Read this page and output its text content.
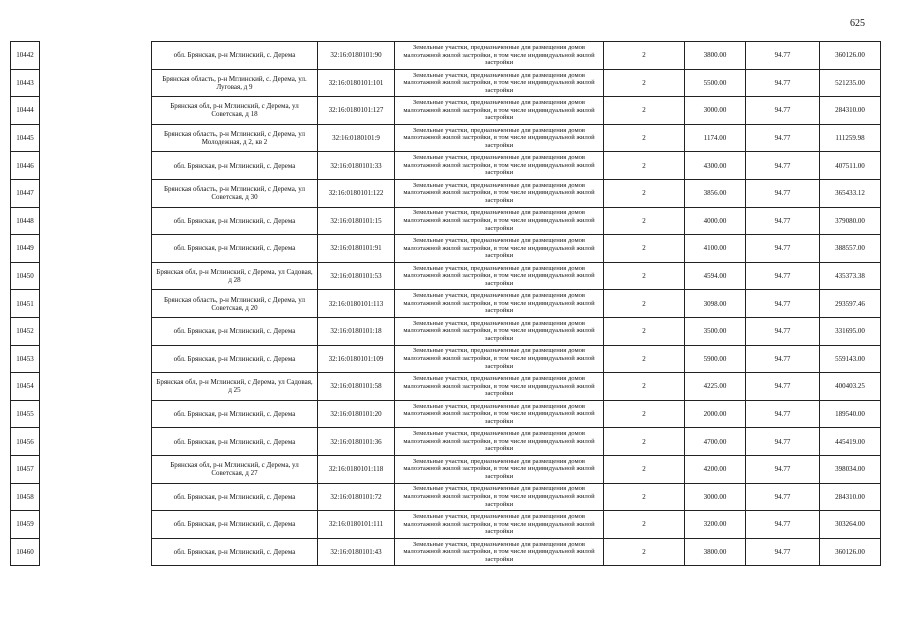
625
10442		обл. Брянская, р-н Мглинский, с. Дерема	32:16:0180101:90	Земельные участки, предназначенные для размещения домов малоэтажной жилой застройки, в том числе индивидуальной жилой застройки	2	3800.00	94.77	360126.00
10443		Брянская область, р-н Мглинский, с. Дерема, ул. Луговая, д 9	32:16:0180101:101	Земельные участки, предназначенные для размещения домов малоэтажной жилой застройки, в том числе индивидуальной жилой застройки	2	5500.00	94.77	521235.00
10444		Брянская обл, р-н Мглинский, с Дерема, ул Советская, д 18	32:16:0180101:127	Земельные участки, предназначенные для размещения домов малоэтажной жилой застройки, в том числе индивидуальной жилой застройки	2	3000.00	94.77	284310.00
10445		Брянская область, р-н Мглинский, с Дерема, ул Молодежная, д 2, кв 2	32:16:0180101:9	Земельные участки, предназначенные для размещения домов малоэтажной жилой застройки, в том числе индивидуальной жилой застройки	2	1174.00	94.77	111259.98
10446		обл. Брянская, р-н Мглинский, с. Дерема	32:16:0180101:33	Земельные участки, предназначенные для размещения домов малоэтажной жилой застройки, в том числе индивидуальной жилой застройки	2	4300.00	94.77	407511.00
10447		Брянская область, р-н Мглинский, с Дерема, ул Советская, д 30	32:16:0180101:122	Земельные участки, предназначенные для размещения домов малоэтажной жилой застройки, в том числе индивидуальной жилой застройки	2	3856.00	94.77	365433.12
10448		обл. Брянская, р-н Мглинский, с. Дерема	32:16:0180101:15	Земельные участки, предназначенные для размещения домов малоэтажной жилой застройки, в том числе индивидуальной жилой застройки	2	4000.00	94.77	379080.00
10449		обл. Брянская, р-н Мглинский, с. Дерема	32:16:0180101:91	Земельные участки, предназначенные для размещения домов малоэтажной жилой застройки, в том числе индивидуальной жилой застройки	2	4100.00	94.77	388557.00
10450		Брянская обл, р-н Мглинский, с Дерема, ул Садовая, д 28	32:16:0180101:53	Земельные участки, предназначенные для размещения домов малоэтажной жилой застройки, в том числе индивидуальной жилой застройки	2	4594.00	94.77	435373.38
10451		Брянская область, р-н Мглинский, с Дерема, ул Советская, д 20	32:16:0180101:113	Земельные участки, предназначенные для размещения домов малоэтажной жилой застройки, в том числе индивидуальной жилой застройки	2	3098.00	94.77	293597.46
10452		обл. Брянская, р-н Мглинский, с. Дерема	32:16:0180101:18	Земельные участки, предназначенные для размещения домов малоэтажной жилой застройки, в том числе индивидуальной жилой застройки	2	3500.00	94.77	331695.00
10453		обл. Брянская, р-н Мглинский, с. Дерема	32:16:0180101:109	Земельные участки, предназначенные для размещения домов малоэтажной жилой застройки, в том числе индивидуальной жилой застройки	2	5900.00	94.77	559143.00
10454		Брянская обл, р-н Мглинский, с Дерема, ул Садовая, д 25	32:16:0180101:58	Земельные участки, предназначенные для размещения домов малоэтажной жилой застройки, в том числе индивидуальной жилой застройки	2	4225.00	94.77	400403.25
10455		обл. Брянская, р-н Мглинский, с. Дерема	32:16:0180101:20	Земельные участки, предназначенные для размещения домов малоэтажной жилой застройки, в том числе индивидуальной жилой застройки	2	2000.00	94.77	189540.00
10456		обл. Брянская, р-н Мглинский, с. Дерема	32:16:0180101:36	Земельные участки, предназначенные для размещения домов малоэтажной жилой застройки, в том числе индивидуальной жилой застройки	2	4700.00	94.77	445419.00
10457		Брянская обл, р-н Мглинский, с Дерема, ул Советская, д 27	32:16:0180101:118	Земельные участки, предназначенные для размещения домов малоэтажной жилой застройки, в том числе индивидуальной жилой застройки	2	4200.00	94.77	398034.00
10458		обл. Брянская, р-н Мглинский, с. Дерема	32:16:0180101:72	Земельные участки, предназначенные для размещения домов малоэтажной жилой застройки, в том числе индивидуальной жилой застройки	2	3000.00	94.77	284310.00
10459		обл. Брянская, р-н Мглинский, с. Дерема	32:16:0180101:111	Земельные участки, предназначенные для размещения домов малоэтажной жилой застройки, в том числе индивидуальной жилой застройки	2	3200.00	94.77	303264.00
10460		обл. Брянская, р-н Мглинский, с. Дерема	32:16:0180101:43	Земельные участки, предназначенные для размещения домов малоэтажной жилой застройки, в том числе индивидуальной жилой застройки	2	3800.00	94.77	360126.00
